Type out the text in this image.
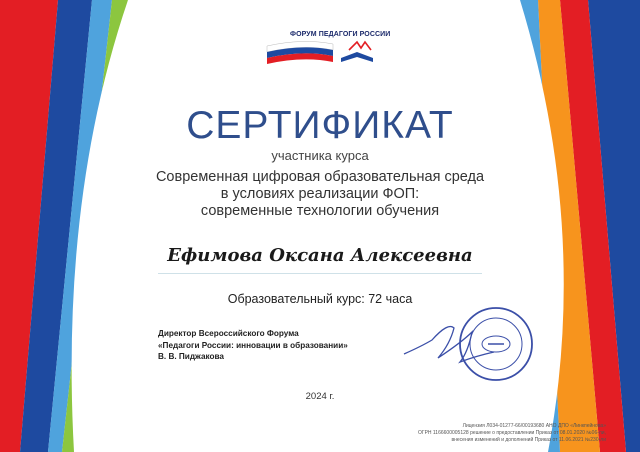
ФОРУМ ПЕДАГОГИ РОССИИ
СЕРТИФИКАТ
участника курса
Современная цифровая образовательная среда
в условиях реализации ФОП:
современные технологии обучения
Ефимова Оксана Алексеевна
Образовательный курс: 72 часа
Директор Всероссийского Форума
«Педагоги России: инновации в образовании»
В. В. Пиджакова
2024 г.
Лицензия Л034-01277-66/00193680 АНО ДПО «Линкпейнова»
ОГРН 1166600005128 решение о предоставлении Приказ от 08.01.2020 №06-ли,
внесения изменений и дополнений Приказ от 11.06.2021 №230-ли
